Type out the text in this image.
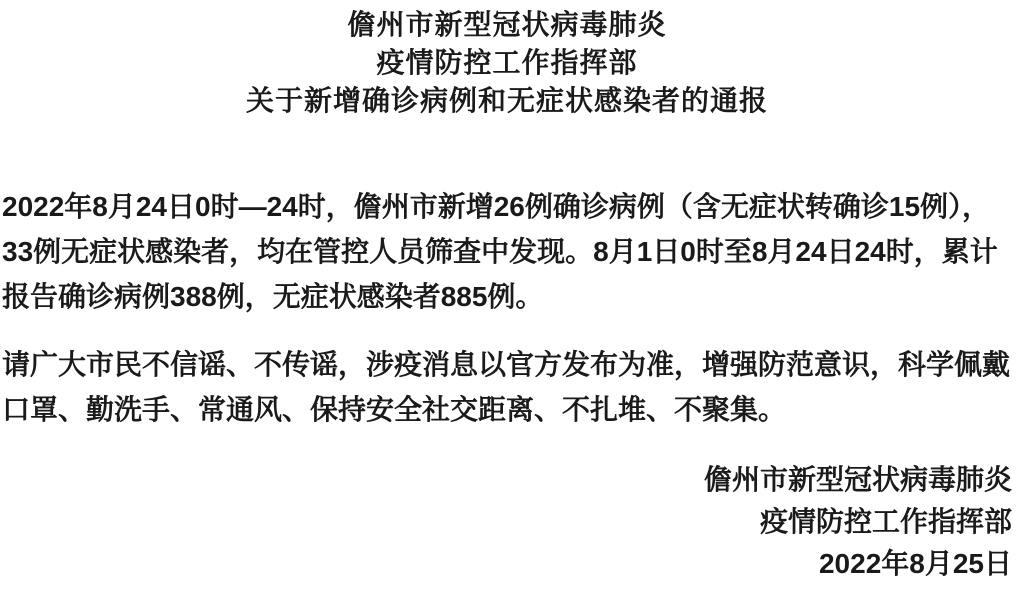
儋州市新型冠状病毒肺炎
疫情防控工作指挥部
关于新增确诊病例和无症状感染者的通报
2022年8月24日0时—24时，儋州市新增26例确诊病例（含无症状转确诊15例），
33例无症状感染者，均在管控人员筛查中发现。8月1日0时至8月24日24时，累计
报告确诊病例388例，无症状感染者885例。
请广大市民不信谣、不传谣，涉疫消息以官方发布为准，增强防范意识，科学佩戴
口罩、勤洗手、常通风、保持安全社交距离、不扎堆、不聚集。
儋州市新型冠状病毒肺炎
疫情防控工作指挥部
2022年8月25日
